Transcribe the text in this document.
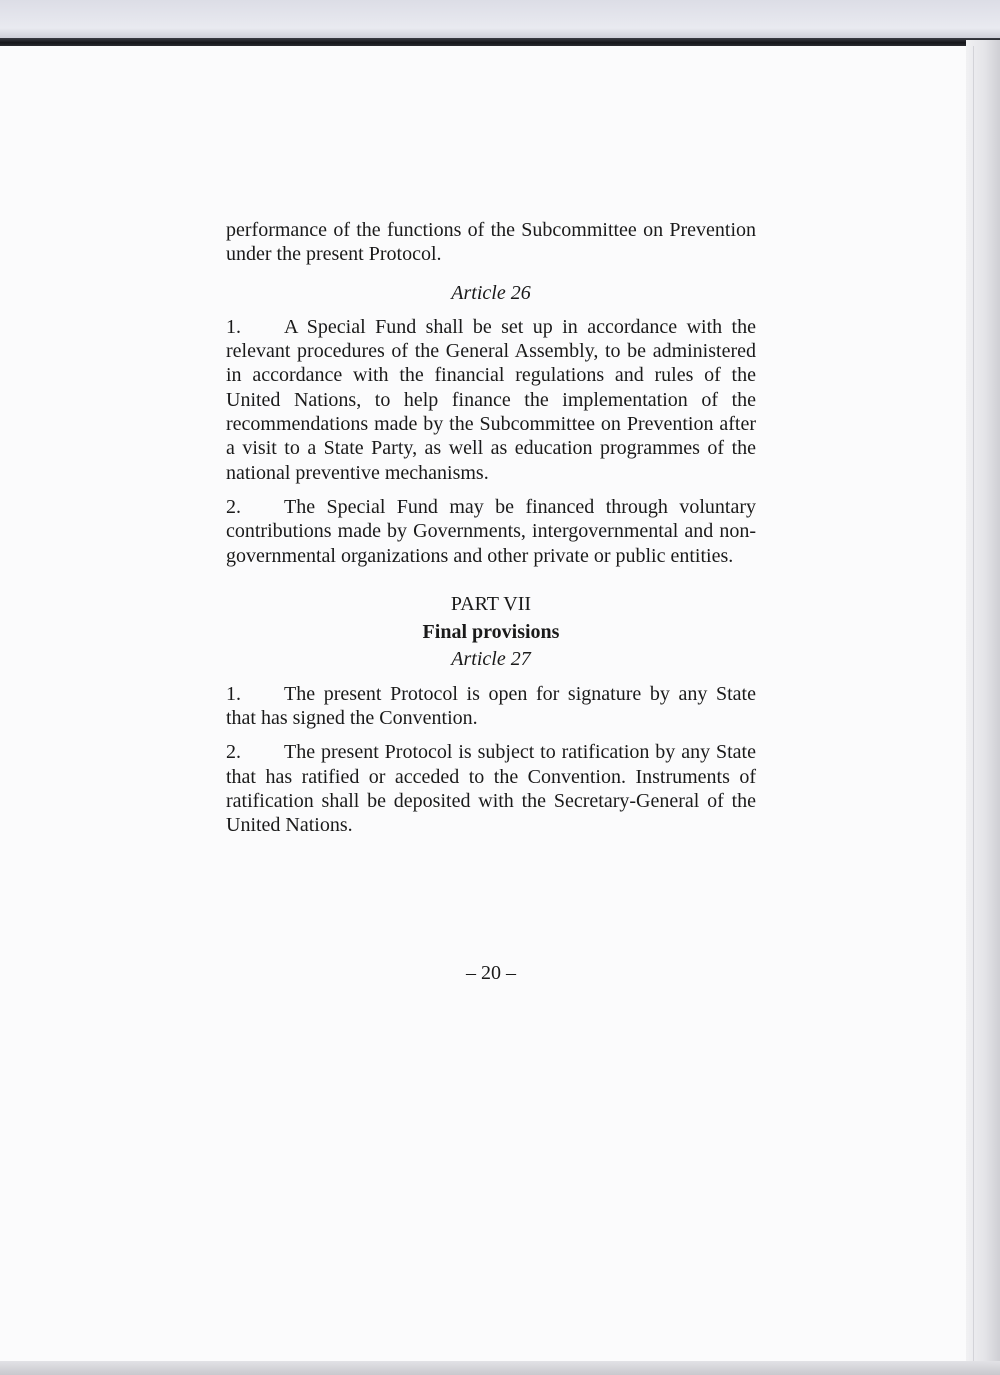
performance of the functions of the Subcommittee on Prevention under the present Protocol.

Article 26

1. A Special Fund shall be set up in accordance with the relevant procedures of the General Assembly, to be administered in accordance with the financial regulations and rules of the United Nations, to help finance the implementation of the recommendations made by the Subcommittee on Prevention after a visit to a State Party, as well as education programmes of the national preventive mechanisms.

2. The Special Fund may be financed through voluntary contributions made by Governments, intergovernmental and non-governmental organizations and other private or public entities.

PART VII

Final provisions

Article 27

1. The present Protocol is open for signature by any State that has signed the Convention.

2. The present Protocol is subject to ratification by any State that has ratified or acceded to the Convention. Instruments of ratification shall be deposited with the Secretary-General of the United Nations.

– 20 –
